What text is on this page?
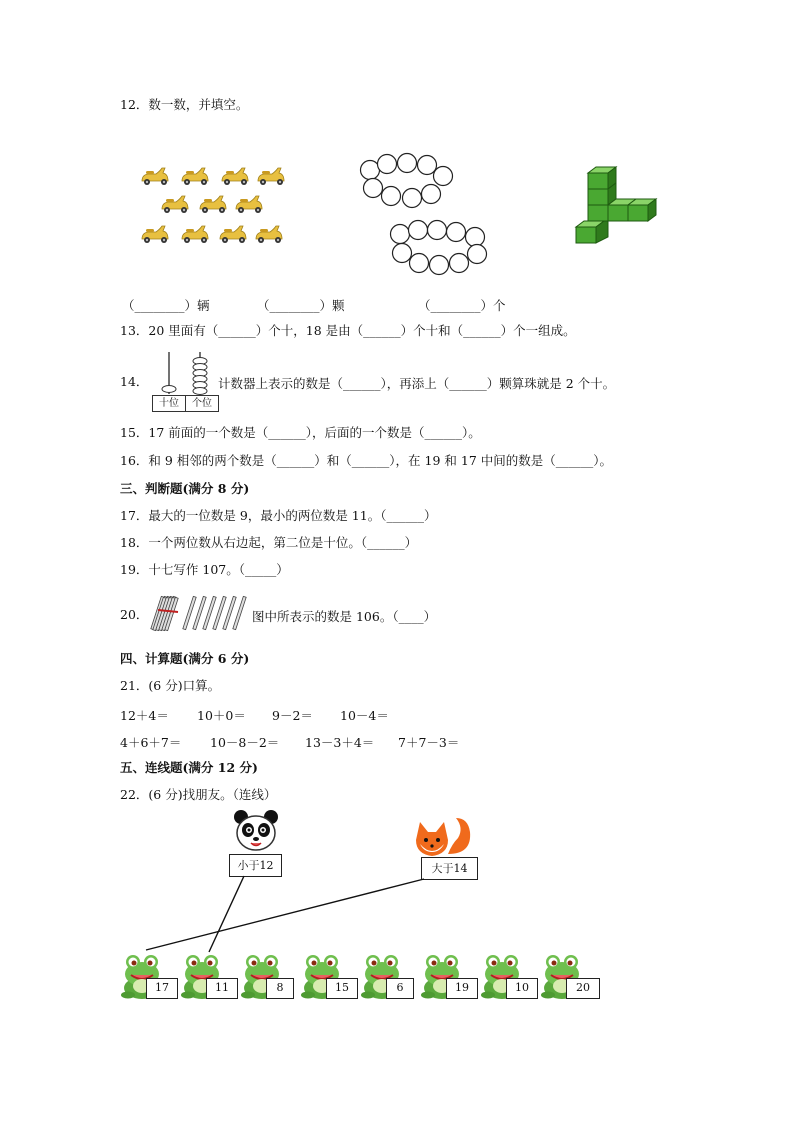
12．数一数，并填空。
（________）辆	（________）颗	（________）个
13．20 里面有（______）个十，18 是由（______）个十和（______）个一组成。
14．
十位	个位
计数器上表示的数是（______），再添上（______）颗算珠就是 2 个十。
15．17 前面的一个数是（______），后面的一个数是（______）。
16．和 9 相邻的两个数是（______）和（______），在 19 和 17 中间的数是（______）。
三、判断题(满分 8 分)
17．最大的一位数是 9，最小的两位数是 11。（______）
18．一个两位数从右边起，第二位是十位。（______）
19．十七写作 107。（_____）
20．	图中所表示的数是 106。（____）
四、计算题(满分 6 分)
21．(6 分)口算。
12＋4＝ 10＋0＝ 9－2＝ 10－4＝
4＋6＋7＝ 10－8－2＝ 13－3＋4＝ 7＋7－3＝
五、连线题(满分 12 分)
22．(6 分)找朋友。（连线）
小于12	大于14
17	11	8	15	6	19	10	20
